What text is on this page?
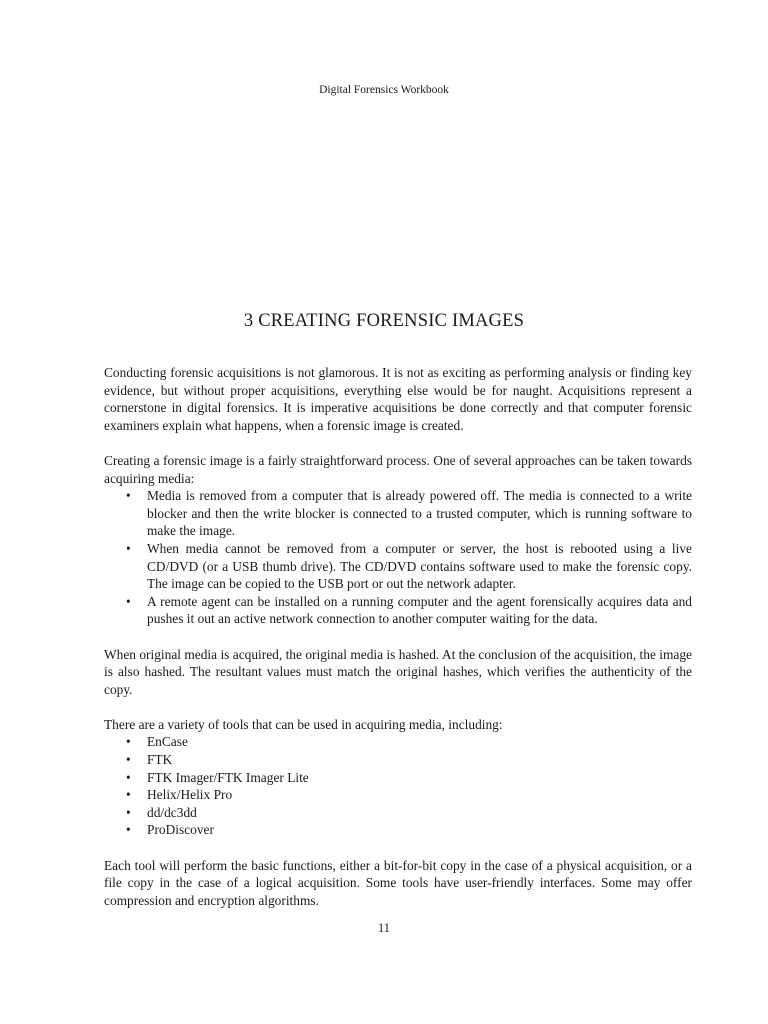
Digital Forensics Workbook
3 CREATING FORENSIC IMAGES

Conducting forensic acquisitions is not glamorous. It is not as exciting as performing analysis or finding key evidence, but without proper acquisitions, everything else would be for naught. Acquisitions represent a cornerstone in digital forensics. It is imperative acquisitions be done correctly and that computer forensic examiners explain what happens, when a forensic image is created.

Creating a forensic image is a fairly straightforward process. One of several approaches can be taken towards acquiring media:

• Media is removed from a computer that is already powered off. The media is connected to a write blocker and then the write blocker is connected to a trusted computer, which is running software to make the image.
• When media cannot be removed from a computer or server, the host is rebooted using a live CD/DVD (or a USB thumb drive). The CD/DVD contains software used to make the forensic copy. The image can be copied to the USB port or out the network adapter.
• A remote agent can be installed on a running computer and the agent forensically acquires data and pushes it out an active network connection to another computer waiting for the data.

When original media is acquired, the original media is hashed. At the conclusion of the acquisition, the image is also hashed. The resultant values must match the original hashes, which verifies the authenticity of the copy.

There are a variety of tools that can be used in acquiring media, including:

• EnCase
• FTK
• FTK Imager/FTK Imager Lite
• Helix/Helix Pro
• dd/dc3dd
• ProDiscover

Each tool will perform the basic functions, either a bit-for-bit copy in the case of a physical acquisition, or a file copy in the case of a logical acquisition. Some tools have user-friendly interfaces. Some may offer compression and encryption algorithms.

11
